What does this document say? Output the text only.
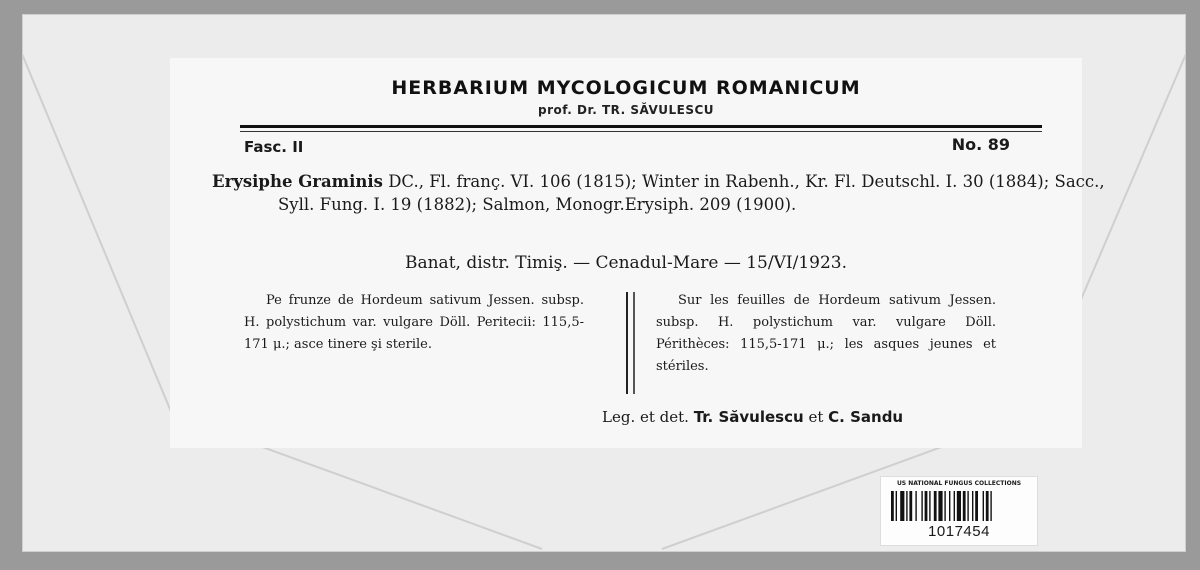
HERBARIUM MYCOLOGICUM ROMANICUM
prof. Dr. TR. SĂVULESCU
Fasc. II	No. 89
Erysiphe Graminis DC., Fl. franç. VI. 106 (1815); Winter in Rabenh., Kr. Fl. Deutschl. I. 30 (1884); Sacc., Syll. Fung. I. 19 (1882); Salmon, Monogr.Erysiph. 209 (1900).
Banat, distr. Timiş. — Cenadul-Mare — 15/VI/1923.
Pe frunze de Hordeum sativum Jessen. subsp. H. polystichum var. vulgare Döll. Peritecii: 115,5-171 μ.; asce tinere şi sterile.
Sur les feuilles de Hordeum sativum Jessen. subsp. H. polystichum var. vulgare Döll. Périthèces: 115,5-171 μ.; les asques jeunes et stériles.
Leg. et det. Tr. Săvulescu et C. Sandu
US NATIONAL FUNGUS COLLECTIONS
1017454
